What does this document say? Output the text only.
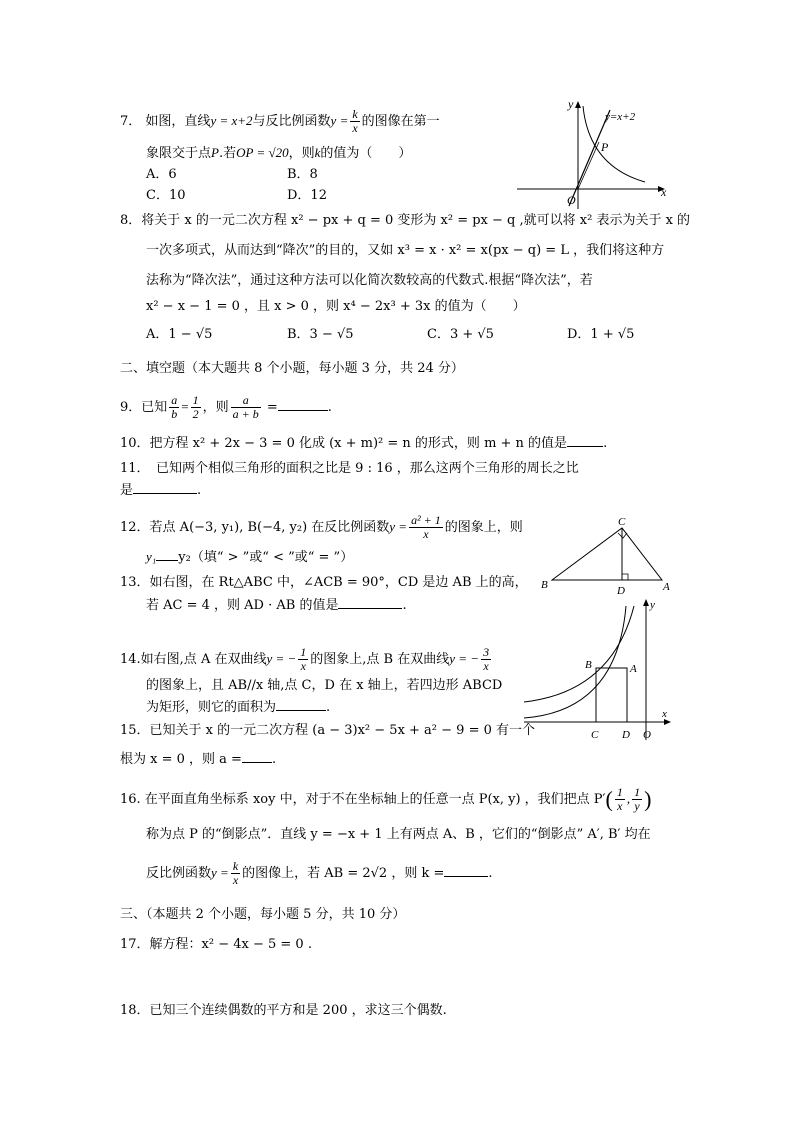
7． 如图，直线y = x+2与反比例函数$y = \frac{k}{x}$ 的图像在第一
象限交于点P.若OP = √20，则k的值为（　　）
A．6	B．8
C．10	D．12
y
x
y=x+2
P
O
8．将关于 x 的一元二次方程 x² − px + q = 0 变形为 x² = px − q ,就可以将 x² 表示为关于 x 的
一次多项式，从而达到“降次”的目的，又如 x³ = x · x² = x(px − q) = L ，我们将这种方
法称为“降次法”，通过这种方法可以化简次数较高的代数式.根据“降次法”，若
x² − x − 1 = 0 ，且 x > 0 ，则 x⁴ − 2x³ + 3x 的值为（　　）
A．1 − √5	B．3 − √5	C．3 + √5	D．1 + √5
二、填空题（本大题共 8 个小题，每小题 3 分，共 24 分）
9．已知 $\frac{a}{b} = \frac{1}{2}$ ，则 $\frac{a}{a + b}$ =	.
10．把方程 x² + 2x − 3 = 0 化成 (x + m)² = n 的形式，则 m + n 的值是	.
11．　已知两个相似三角形的面积之比是 9 : 16 ，那么这两个三角形的周长之比
是	.
12．若点 A(−3, y₁), B(−4, y₂) 在反比例函数$y = \frac{\text{a² + 1}}{x}$ 的图象上，则
y₁ y₂（填“ > ”或“ < ”或“ = ”）
13．如右图，在 Rt△ABC 中，∠ACB = 90°，CD 是边 AB 上的高，
若 AC = 4 ，则 AD · AB 的值是	.
C
B	A
D
14.如右图,点 A 在双曲线y = − $\frac{1}{x}$ 的图象上,点 B 在双曲线y = − $\frac{3}{x}$
的图象上，且 AB//x 轴,点 C，D 在 x 轴上，若四边形 ABCD
为矩形，则它的面积为	.
y
x
B	A
C D O
15．已知关于 x 的一元二次方程 (a − 3)x² − 5x + a² − 9 = 0 有一个
根为 x = 0 ，则 a = .
16. 在平面直角坐标系 xoy 中，对于不在坐标轴上的任意一点 P(x, y) ，我们把点 $P'( \frac{1}{x}$ , $\frac{1}{y}$ )
称为点 P 的“倒影点”．直线 y = −x + 1 上有两点 A、B ，它们的“倒影点” A′, B′ 均在
反比例函数$y = \frac{k}{x}$ 的图像上，若 AB = 2√2 ，则 k =	.
三、（本题共 2 个小题，每小题 5 分，共 10 分）
17．解方程：x² − 4x − 5 = 0 .
18．已知三个连续偶数的平方和是 200 ，求这三个偶数.
